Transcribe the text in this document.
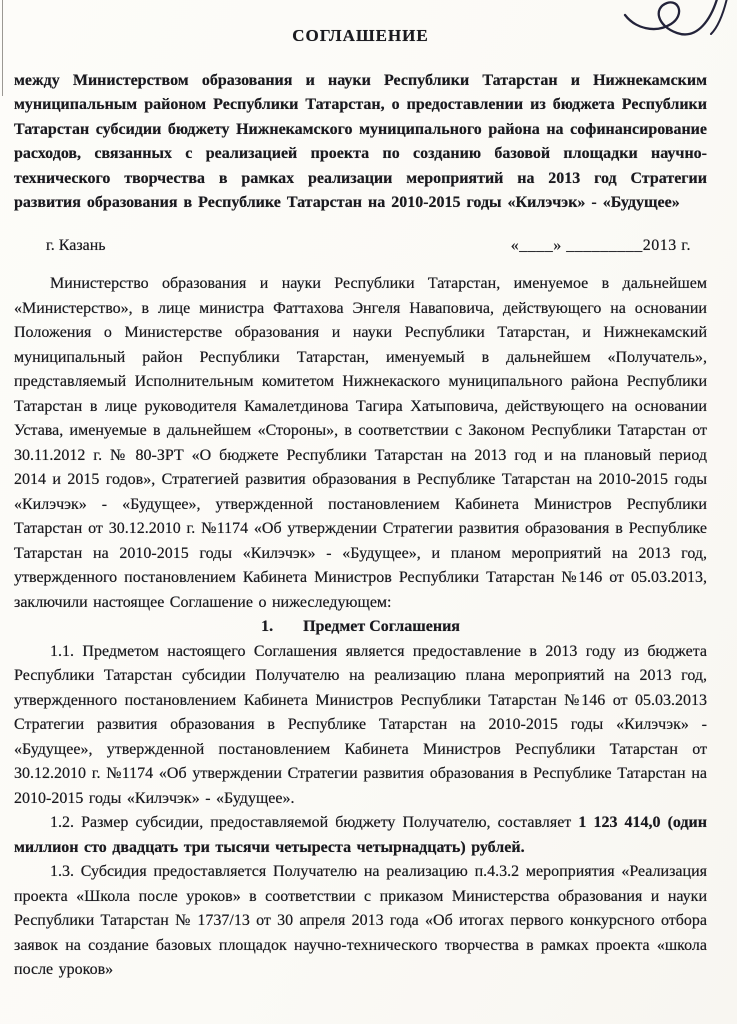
СОГЛАШЕНИЕ

между Министерством образования и науки Республики Татарстан и Нижнекамским муниципальным районом Республики Татарстан, о предоставлении из бюджета Республики Татарстан субсидии бюджету Нижнекамского муниципального района на софинансирование расходов, связанных с реализацией проекта по созданию базовой площадки научно-технического творчества в рамках реализации мероприятий на 2013 год Стратегии развития образования в Республике Татарстан на 2010-2015 годы «Килэчэк» - «Будущее»

г. Казань	«____» _________2013 г.

Министерство образования и науки Республики Татарстан, именуемое в дальнейшем «Министерство», в лице министра Фаттахова Энгеля Наваповича, действующего на основании Положения о Министерстве образования и науки Республики Татарстан, и Нижнекамский муниципальный район Республики Татарстан, именуемый в дальнейшем «Получатель», представляемый Исполнительным комитетом Нижнекаского муниципального района Республики Татарстан в лице руководителя Камалетдинова Тагира Хатыповича, действующего на основании Устава, именуемые в дальнейшем «Стороны», в соответствии с Законом Республики Татарстан от 30.11.2012 г. № 80-ЗРТ «О бюджете Республики Татарстан на 2013 год и на плановый период 2014 и 2015 годов», Стратегией развития образования в Республике Татарстан на 2010-2015 годы «Килэчэк» - «Будущее», утвержденной постановлением Кабинета Министров Республики Татарстан от 30.12.2010 г. №1174 «Об утверждении Стратегии развития образования в Республике Татарстан на 2010-2015 годы «Килэчэк» - «Будущее», и планом мероприятий на 2013 год, утвержденного постановлением Кабинета Министров Республики Татарстан №146 от 05.03.2013, заключили настоящее Соглашение о нижеследующем:

1. Предмет Соглашения

1.1. Предметом настоящего Соглашения является предоставление в 2013 году из бюджета Республики Татарстан субсидии Получателю на реализацию плана мероприятий на 2013 год, утвержденного постановлением Кабинета Министров Республики Татарстан №146 от 05.03.2013 Стратегии развития образования в Республике Татарстан на 2010-2015 годы «Килэчэк» - «Будущее», утвержденной постановлением Кабинета Министров Республики Татарстан от 30.12.2010 г. №1174 «Об утверждении Стратегии развития образования в Республике Татарстан на 2010-2015 годы «Килэчэк» - «Будущее».

1.2. Размер субсидии, предоставляемой бюджету Получателю, составляет 1 123 414,0 (один миллион сто двадцать три тысячи четыреста четырнадцать) рублей.

1.3. Субсидия предоставляется Получателю на реализацию п.4.3.2 мероприятия «Реализация проекта «Школа после уроков» в соответствии с приказом Министерства образования и науки Республики Татарстан № 1737/13 от 30 апреля 2013 года «Об итогах первого конкурсного отбора заявок на создание базовых площадок научно-технического творчества в рамках проекта «школа после уроков»
